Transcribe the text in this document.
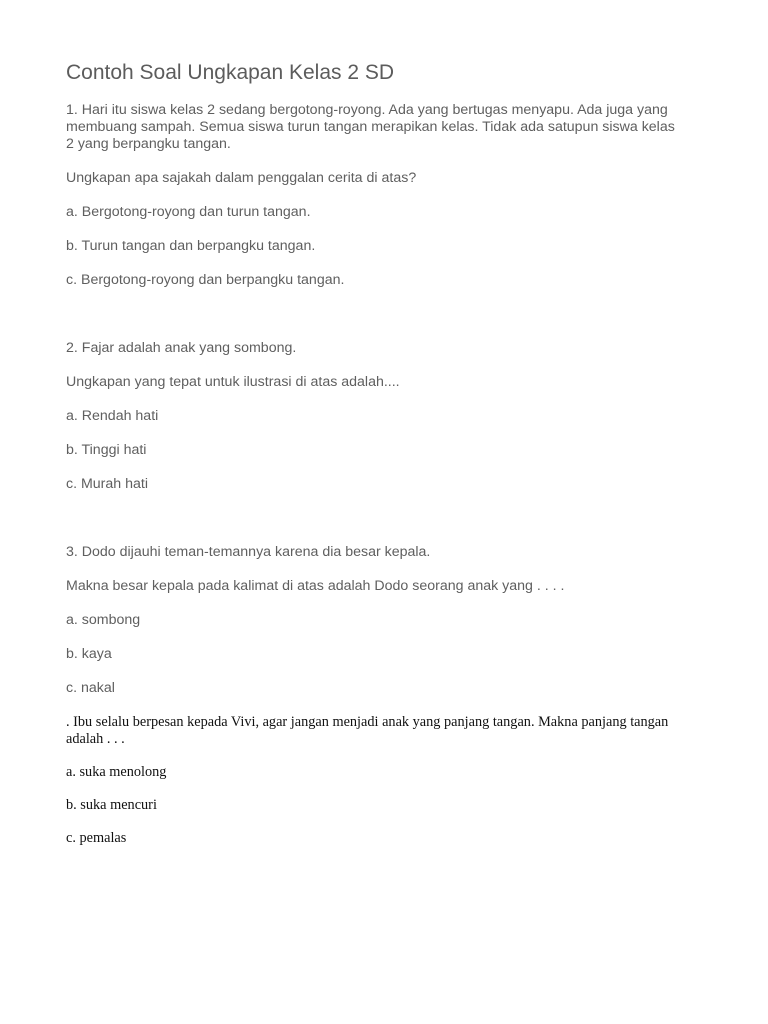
Contoh Soal Ungkapan Kelas 2 SD

1. Hari itu siswa kelas 2 sedang bergotong-royong. Ada yang bertugas menyapu. Ada juga yang membuang sampah. Semua siswa turun tangan merapikan kelas. Tidak ada satupun siswa kelas 2 yang berpangku tangan.

Ungkapan apa sajakah dalam penggalan cerita di atas?

a. Bergotong-royong dan turun tangan.

b. Turun tangan dan berpangku tangan.

c. Bergotong-royong dan berpangku tangan.

2. Fajar adalah anak yang sombong.

Ungkapan yang tepat untuk ilustrasi di atas adalah....

a. Rendah hati

b. Tinggi hati

c. Murah hati

3. Dodo dijauhi teman-temannya karena dia besar kepala.

Makna besar kepala pada kalimat di atas adalah Dodo seorang anak yang . . . .

a. sombong

b. kaya

c. nakal

. Ibu selalu berpesan kepada Vivi, agar jangan menjadi anak yang panjang tangan. Makna panjang tangan adalah . . .

a. suka menolong

b. suka mencuri

c. pemalas
